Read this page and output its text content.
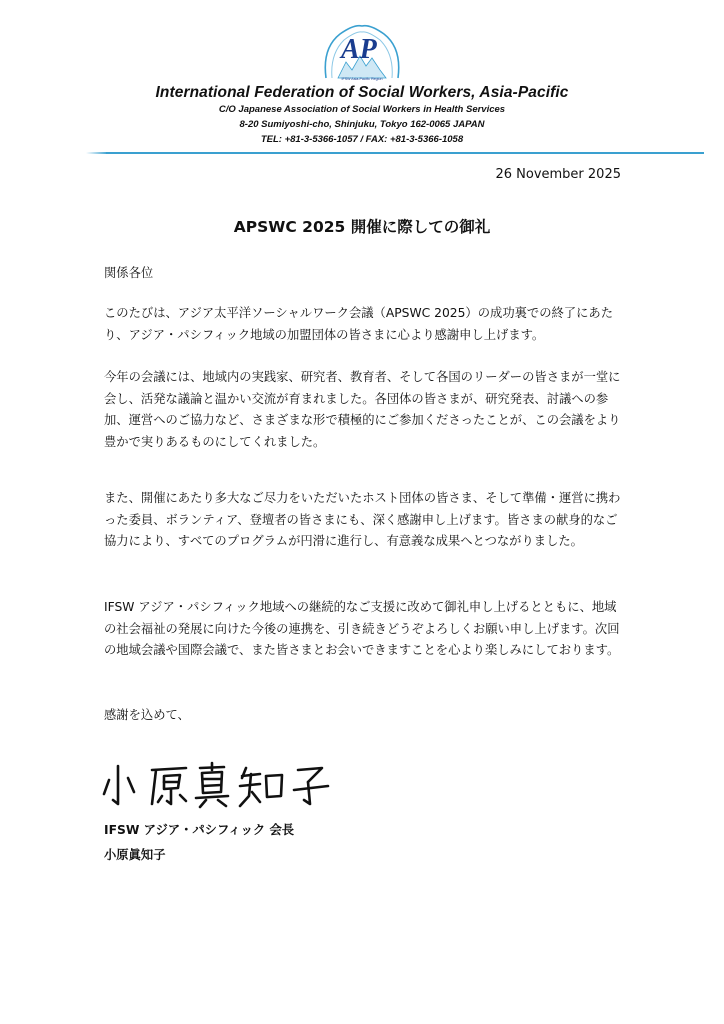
AP
IFSW Asia-Pacific Region
International Federation of Social Workers, Asia-Pacific
C/O Japanese Association of Social Workers in Health Services
8-20 Sumiyoshi-cho, Shinjuku, Tokyo 162-0065 JAPAN
TEL: +81-3-5366-1057 / FAX: +81-3-5366-1058
26 November 2025
APSWC 2025 開催に際しての御礼

関係各位

このたびは、アジア太平洋ソーシャルワーク会議（APSWC 2025）の成功裏での終了にあたり、アジア・パシフィック地域の加盟団体の皆さまに心より感謝申し上げます。

今年の会議には、地域内の実践家、研究者、教育者、そして各国のリーダーの皆さまが一堂に会し、活発な議論と温かい交流が育まれました。各団体の皆さまが、研究発表、討議への参加、運営へのご協力など、さまざまな形で積極的にご参加くださったことが、この会議をより豊かで実りあるものにしてくれました。

また、開催にあたり多大なご尽力をいただいたホスト団体の皆さま、そして準備・運営に携わった委員、ボランティア、登壇者の皆さまにも、深く感謝申し上げます。皆さまの献身的なご協力により、すべてのプログラムが円滑に進行し、有意義な成果へとつながりました。

IFSW アジア・パシフィック地域への継続的なご支援に改めて御礼申し上げるとともに、地域の社会福祉の発展に向けた今後の連携を、引き続きどうぞよろしくお願い申し上げます。次回の地域会議や国際会議で、また皆さまとお会いできますことを心より楽しみにしております。

感謝を込めて、

IFSW アジア・パシフィック 会長
小原眞知子
